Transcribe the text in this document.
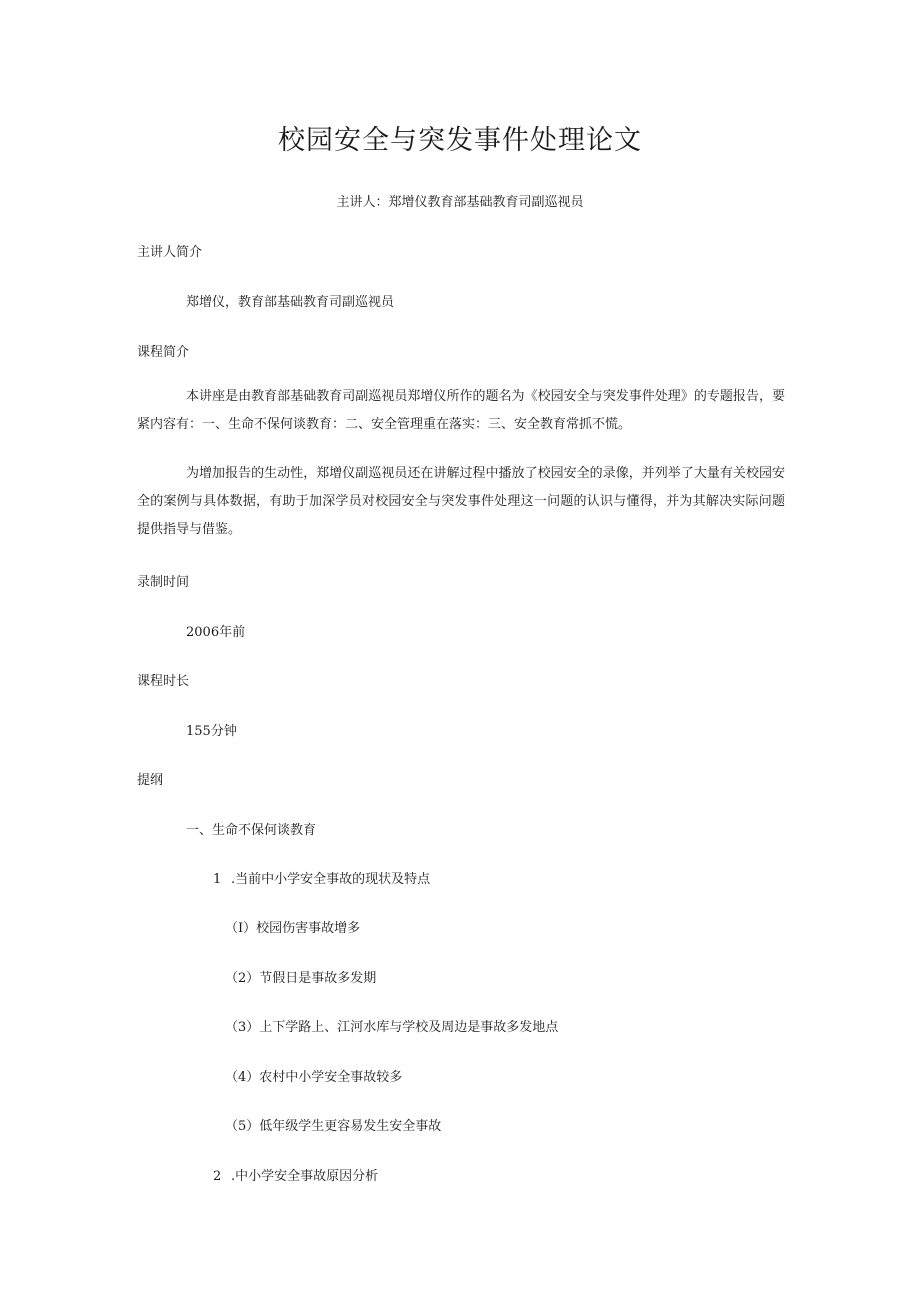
校园安全与突发事件处理论文

主讲人：郑增仪教育部基础教育司副巡视员

主讲人简介

郑增仪，教育部基础教育司副巡视员

课程简介

本讲座是由教育部基础教育司副巡视员郑增仪所作的题名为《校园安全与突发事件处理》的专题报告，要紧内容有：一、生命不保何谈教育：二、安全管理重在落实：三、安全教育常抓不慌。

为增加报告的生动性，郑增仪副巡视员还在讲解过程中播放了校园安全的录像，并列举了大量有关校园安全的案例与具体数据，有助于加深学员对校园安全与突发事件处理这一问题的认识与懂得，并为其解决实际问题提供指导与借鉴。

录制时间

2006年前

课程时长

155分钟

提纲

一、生命不保何谈教育

1 .当前中小学安全事故的现状及特点

（I）校园伤害事故增多

（2）节假日是事故多发期

（3）上下学路上、江河水库与学校及周边是事故多发地点

（4）农村中小学安全事故较多

（5）低年级学生更容易发生安全事故

2 .中小学安全事故原因分析
